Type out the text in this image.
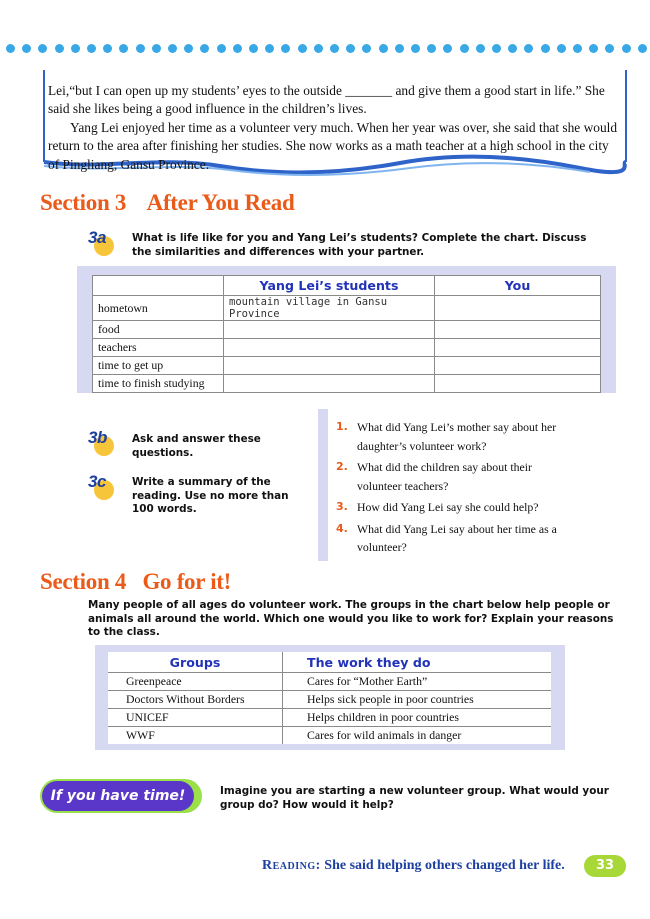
Lei,“but I can open up my students’ eyes to the outside _______ and give them a good start in life.” She said she likes being a good influence in the children’s lives.

Yang Lei enjoyed her time as a volunteer very much. When her year was over, she said that she would return to the area after finishing her studies. She now works as a math teacher at a high school in the city of Pingliang, Gansu Province.

Section 3    After You Read
3a	What is life like for you and Yang Lei’s students? Complete the chart. Discuss the similarities and differences with your partner.
	Yang Lei’s students	You
hometown	mountain village in Gansu Province	
food		
teachers		
time to get up		
time to finish studying		
3b Ask and answer these questions.
3c	Write a summary of the reading. Use no more than 100 words.
1. What did Yang Lei’s mother say about her daughter’s volunteer work?
2. What did the children say about their volunteer teachers?
3. How did Yang Lei say she could help?
4. What did Yang Lei say about her time as a volunteer?
Section 4   Go for it!
Many people of all ages do volunteer work. The groups in the chart below help people or animals all around the world. Which one would you like to work for? Explain your reasons to the class.
Groups	The work they do
Greenpeace	Cares for “Mother Earth”
Doctors Without Borders	Helps sick people in poor countries
UNICEF	Helps children in poor countries
WWF	Cares for wild animals in danger
If you have time!	Imagine you are starting a new volunteer group. What would your group do? How would it help?
Reading: She said helping others changed her life.	33
